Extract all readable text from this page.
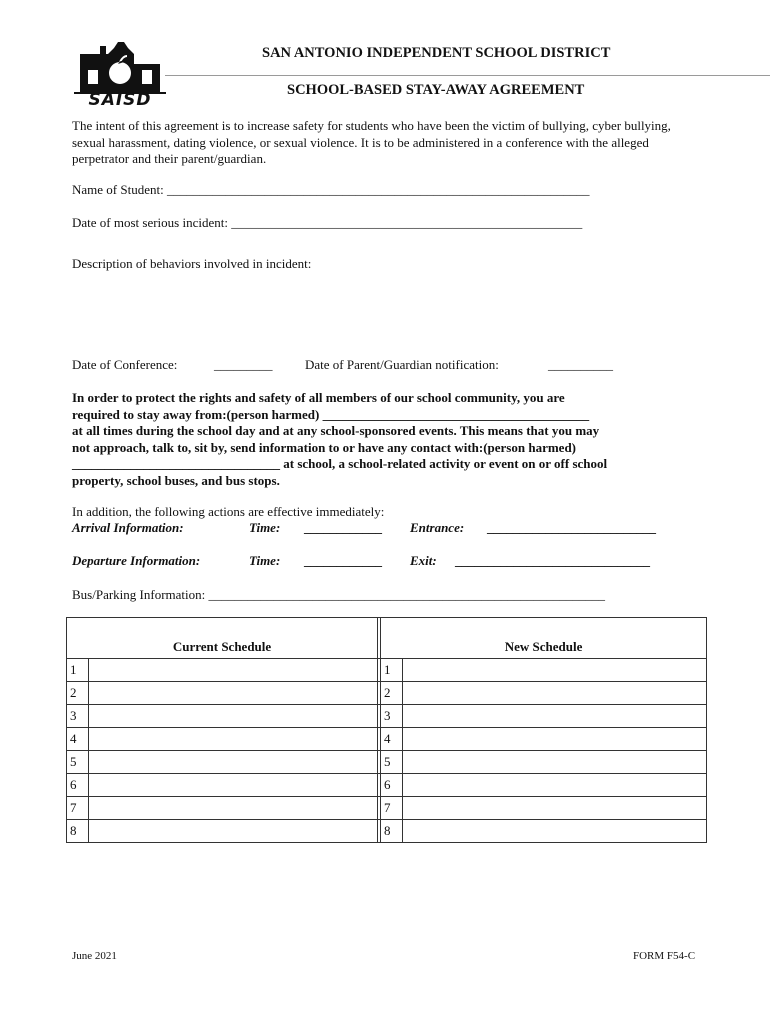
SAISD
SAN ANTONIO INDEPENDENT SCHOOL DISTRICT
SCHOOL-BASED STAY-AWAY AGREEMENT
The intent of this agreement is to increase safety for students who have been the victim of bullying, cyber bullying,
sexual harassment, dating violence, or sexual violence. It is to be administered in a conference with the alleged
perpetrator and their parent/guardian.
Name of Student: _________________________________________________________________
Date of most serious incident: ______________________________________________________
Description of behaviors involved in incident:
Date of Conference:	_________	Date of Parent/Guardian notification:	__________
In order to protect the rights and safety of all members of our school community, you are
required to stay away from:(person harmed) _________________________________________
at all times during the school day and at any school-sponsored events. This means that you may
not approach, talk to, sit by, send information to or have any contact with:(person harmed)
________________________________ at school, a school-related activity or event on or off school
property, school buses, and bus stops.
In addition, the following actions are effective immediately:
Arrival Information:	Time: ____________ Entrance: __________________________
Departure Information:	Time: ____________ Exit: ______________________________
Bus/Parking Information: _____________________________________________________________
Current Schedule			New Schedule	
1			1	
2			2	
3			3	
4			4	
5			5	
6			6	
7			7	
8			8	
June 2021	FORM F54-C
